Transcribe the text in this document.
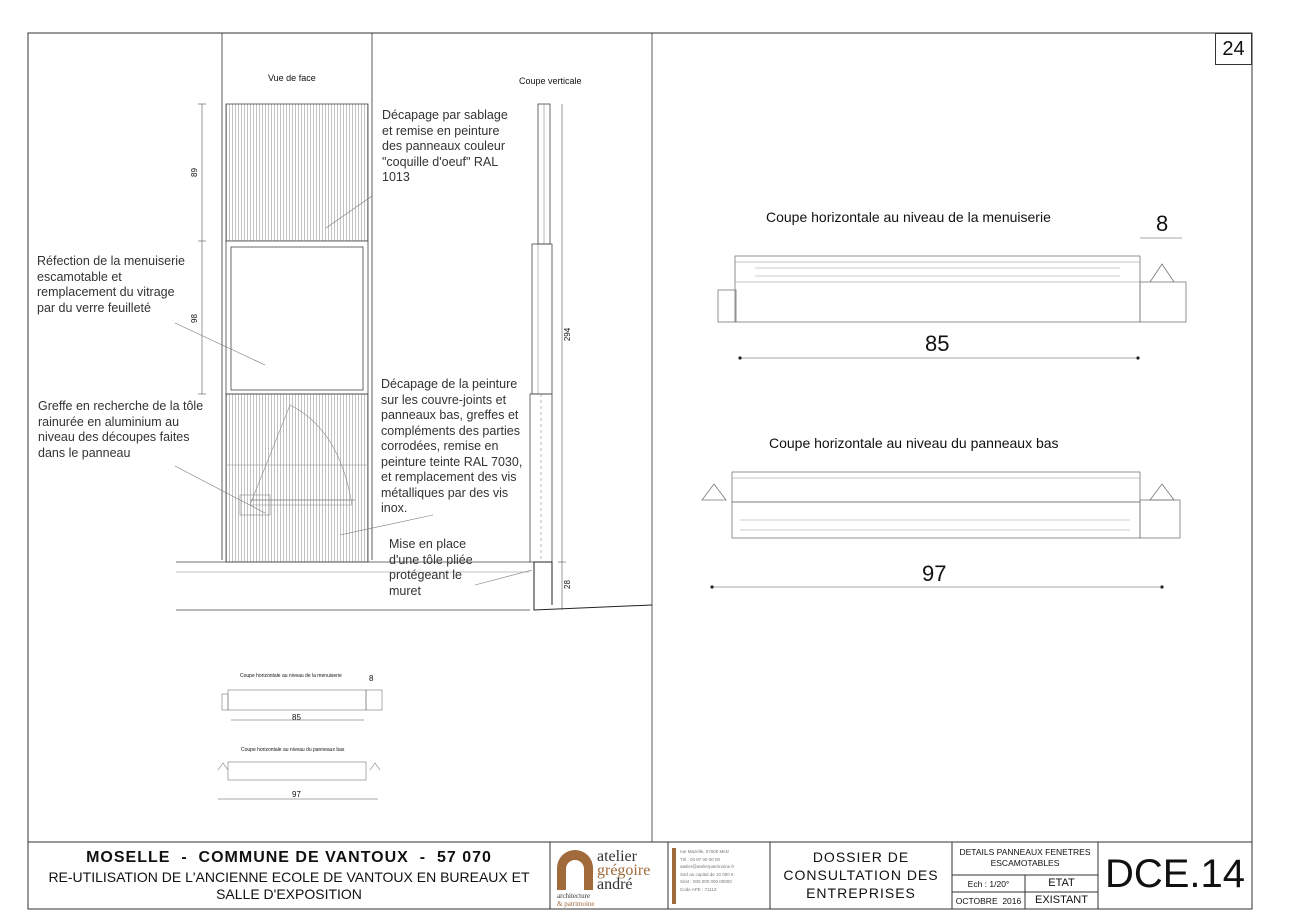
24
Vue de face
89
98
Coupe verticale
294
28
Décapage par sablage
et remise en peinture
des panneaux couleur
"coquille d'oeuf" RAL
1013
Réfection de la menuiserie
escamotable et
remplacement du vitrage
par du verre feuilleté
Greffe en recherche de la tôle
rainurée en aluminium au
niveau des découpes faites
dans le panneau
Décapage de la peinture
sur les couvre-joints et
panneaux bas, greffes et
compléments des parties
corrodées, remise en
peinture teinte RAL 7030,
et remplacement des vis
métalliques par des vis
inox.
Mise en place
d'une tôle pliée
protégeant le
muret
Coupe horizontale au niveau de la menuiserie	8
85
Coupe horizontale au niveau du panneaux bas
97
Coupe horizontale au niveau de la menuiserie	8
85
Coupe horizontale au niveau du panneaux bas
97
MOSELLE  -  COMMUNE DE VANTOUX  -  57 070
RE-UTILISATION DE L'ANCIENNE ECOLE DE VANTOUX EN BUREAUX ET
SALLE D'EXPOSITION
atelier
grégoire
andré
architecture
& patrimoine
rue Mazelle, 57000 Metz
Tél : 03 87 00 00 00
atelier@atelierpatrimoine.fr
Sarl au capital de 10 000 €
Siret : 000 000 000 00000
Code APE : 7111Z
DOSSIER DE
CONSULTATION DES
ENTREPRISES
DETAILS PANNEAUX FENETRES
ESCAMOTABLES
Ech : 1/20°	ETAT
OCTOBRE  2016	EXISTANT
DCE.14
